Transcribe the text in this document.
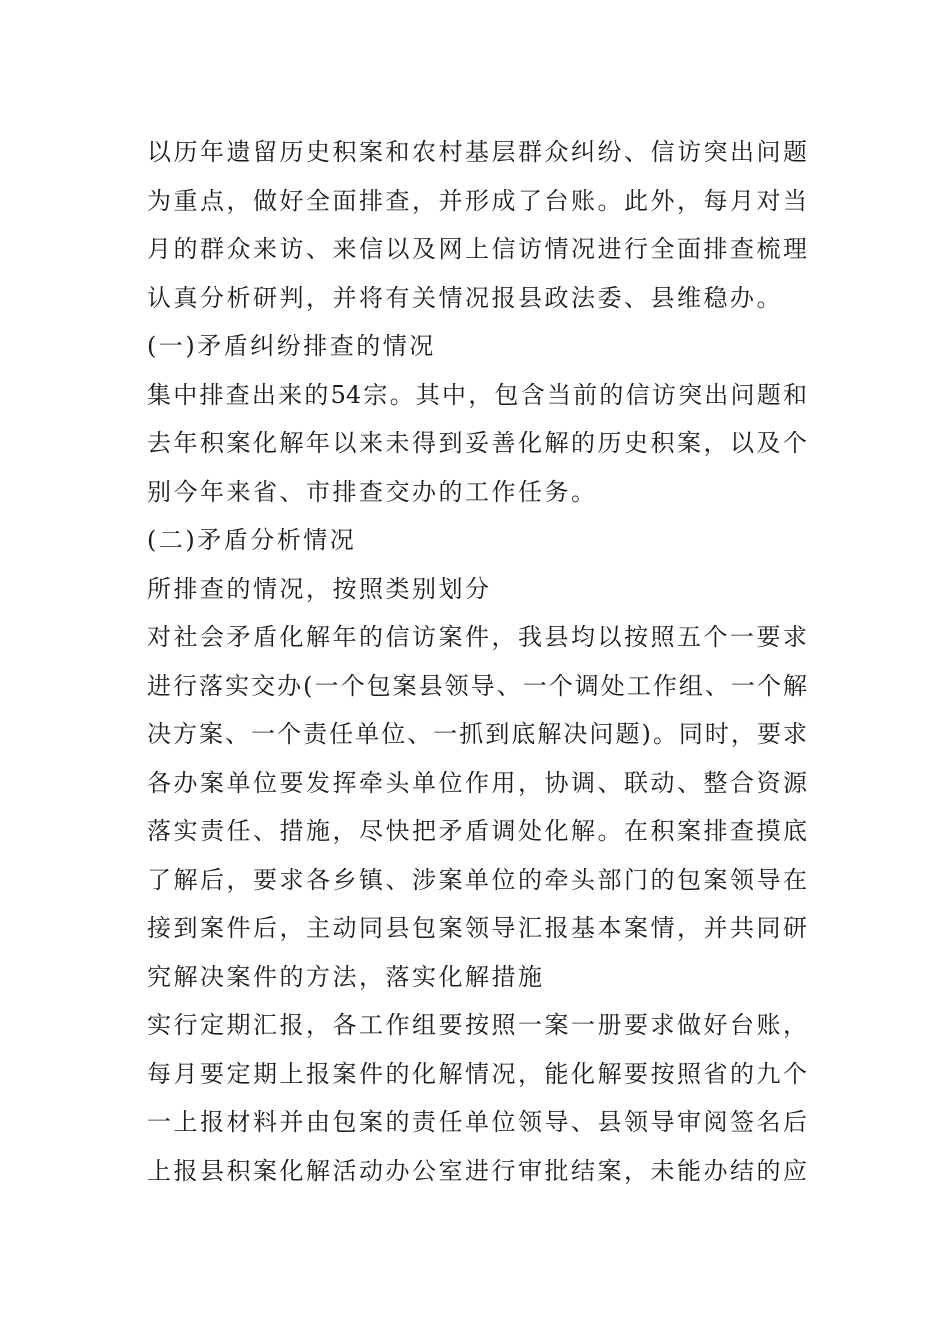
以历年遗留历史积案和农村基层群众纠纷、信访突出问题
为重点，做好全面排查，并形成了台账。此外，每月对当
月的群众来访、来信以及网上信访情况进行全面排查梳理
认真分析研判，并将有关情况报县政法委、县维稳办。
(一)矛盾纠纷排查的情况
集中排查出来的54宗。其中，包含当前的信访突出问题和
去年积案化解年以来未得到妥善化解的历史积案，以及个
别今年来省、市排查交办的工作任务。
(二)矛盾分析情况
所排查的情况，按照类别划分
对社会矛盾化解年的信访案件，我县均以按照五个一要求
进行落实交办(一个包案县领导、一个调处工作组、一个解
决方案、一个责任单位、一抓到底解决问题)。同时，要求
各办案单位要发挥牵头单位作用，协调、联动、整合资源
落实责任、措施，尽快把矛盾调处化解。在积案排查摸底
了解后，要求各乡镇、涉案单位的牵头部门的包案领导在
接到案件后，主动同县包案领导汇报基本案情，并共同研
究解决案件的方法，落实化解措施
实行定期汇报，各工作组要按照一案一册要求做好台账，
每月要定期上报案件的化解情况，能化解要按照省的九个
一上报材料并由包案的责任单位领导、县领导审阅签名后
上报县积案化解活动办公室进行审批结案，未能办结的应
